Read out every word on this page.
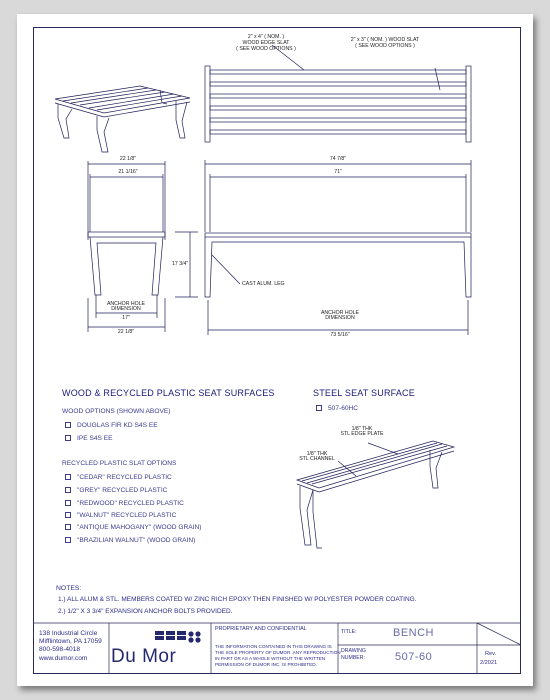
2" x 4" ( NOM. )
WOOD EDGE SLAT
( SEE WOOD OPTIONS )
2" x 3" ( NOM. ) WOOD SLAT
( SEE WOOD OPTIONS )
22 1/8"
21 1/16"
17 3/4"
ANCHOR HOLE
DIMENSION
17"
22 1/8"
74 7/8"
71"
CAST ALUM. LEG
ANCHOR HOLE
DIMENSION
73 5/16"
WOOD & RECYCLED PLASTIC SEAT SURFACES
WOOD OPTIONS (SHOWN ABOVE)
DOUGLAS FIR KD S4S EE
IPE S4S EE
RECYCLED PLASTIC SLAT OPTIONS
"CEDAR" RECYCLED PLASTIC
"GREY" RECYCLED PLASTIC
"REDWOOD" RECYCLED PLASTIC
"WALNUT" RECYCLED PLASTIC
"ANTIQUE MAHOGANY" (WOOD GRAIN)
"BRAZILIAN WALNUT" (WOOD GRAIN)
STEEL SEAT SURFACE
507-60HC
1/8" THK
STL EDGE PLATE
1/8" THK
STL CHANNEL
NOTES:
1.) ALL ALUM & STL. MEMBERS COATED W/ ZINC RICH EPOXY THEN FINISHED W/ POLYESTER POWDER COATING.
2.) 1/2" X 3 3/4" EXPANSION ANCHOR BOLTS PROVIDED.
138 Industrial Circle
Mifflintown, PA 17059
800-598-4018
www.dumor.com	Du Mor
PROPRIETARY AND CONFIDENTIAL
THE INFORMATION CONTAINED IN THIS DRAWING IS
THE SOLE PROPERTY OF DUMOR. ANY REPRODUCTION
IN PART OR AS A WHOLE WITHOUT THE WRITTEN
PERMISSION OF DUMOR INC. IS PROHIBITED.
TITLE:	BENCH
DRAWING
NUMBER:	507-60	Rev.
2/2021
